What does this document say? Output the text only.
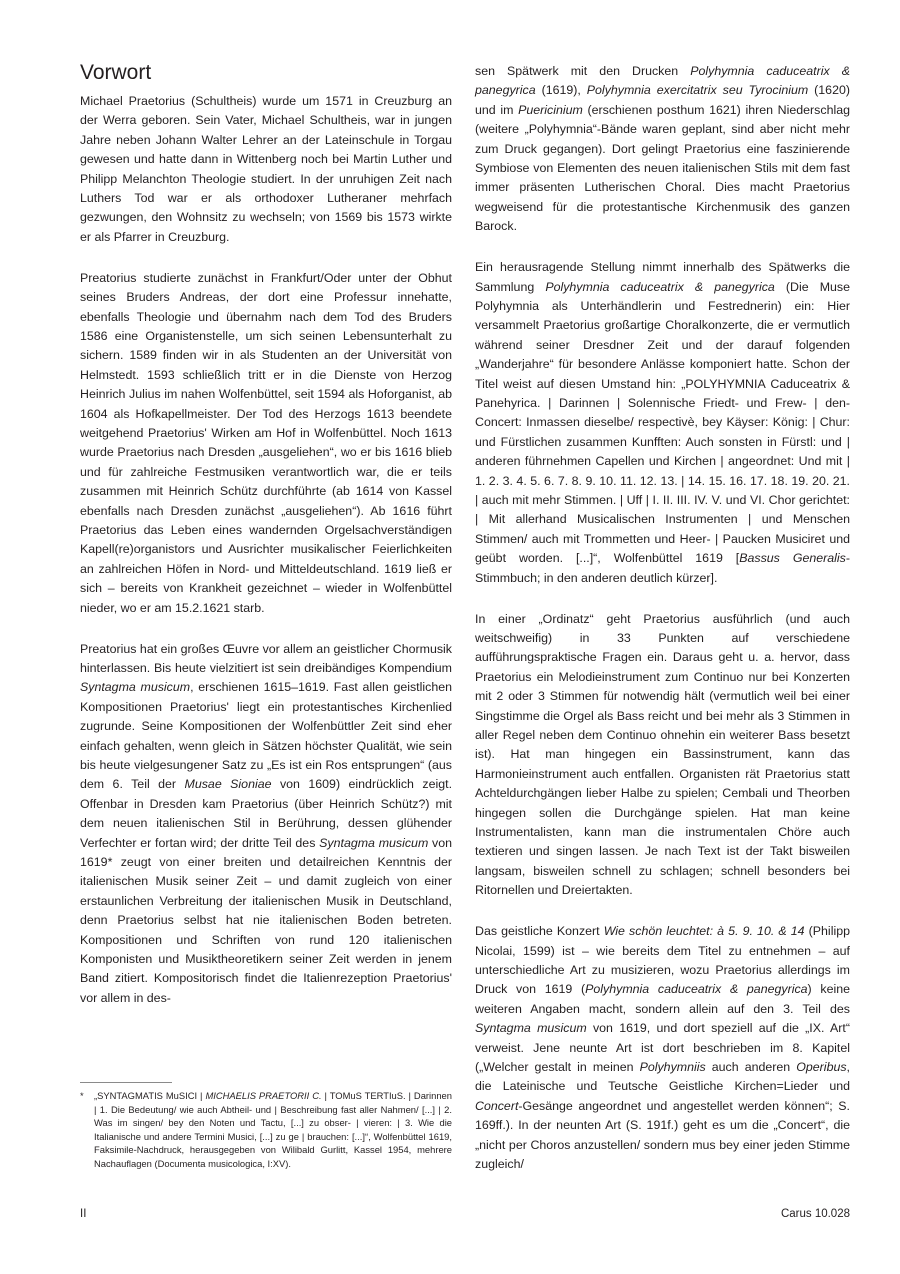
Vorwort

Michael Praetorius (Schultheis) wurde um 1571 in Creuzburg an der Werra geboren. Sein Vater, Michael Schultheis, war in jungen Jahre neben Johann Walter Lehrer an der Lateinschule in Torgau gewesen und hatte dann in Wittenberg noch bei Martin Luther und Philipp Melanchton Theologie studiert. In der unruhigen Zeit nach Luthers Tod war er als orthodoxer Lutheraner mehrfach gezwungen, den Wohnsitz zu wechseln; von 1569 bis 1573 wirkte er als Pfarrer in Creuzburg.

Preatorius studierte zunächst in Frankfurt/Oder unter der Obhut seines Bruders Andreas, der dort eine Professur innehatte, ebenfalls Theologie und übernahm nach dem Tod des Bruders 1586 eine Organistenstelle, um sich seinen Lebensunterhalt zu sichern. 1589 finden wir in als Studenten an der Universität von Helmstedt. 1593 schließlich tritt er in die Dienste von Herzog Heinrich Julius im nahen Wolfenbüttel, seit 1594 als Hoforganist, ab 1604 als Hofkapellmeister. Der Tod des Herzogs 1613 beendete weitgehend Praetorius' Wirken am Hof in Wolfenbüttel. Noch 1613 wurde Praetorius nach Dresden „ausgeliehen“, wo er bis 1616 blieb und für zahlreiche Festmusiken verantwortlich war, die er teils zusammen mit Heinrich Schütz durchführte (ab 1614 von Kassel ebenfalls nach Dresden zunächst „ausgeliehen“). Ab 1616 führt Praetorius das Leben eines wandernden Orgelsachverständigen Kapell(re)organistors und Ausrichter musikalischer Feierlichkeiten an zahlreichen Höfen in Nord- und Mitteldeutschland. 1619 ließ er sich – bereits von Krankheit gezeichnet – wieder in Wolfenbüttel nieder, wo er am 15.2.1621 starb.

Preatorius hat ein großes Œuvre vor allem an geistlicher Chormusik hinterlassen. Bis heute vielzitiert ist sein dreibändiges Kompendium Syntagma musicum, erschienen 1615–1619. Fast allen geistlichen Kompositionen Praetorius' liegt ein protestantisches Kirchenlied zugrunde. Seine Kompositionen der Wolfenbüttler Zeit sind eher einfach gehalten, wenn gleich in Sätzen höchster Qualität, wie sein bis heute vielgesungener Satz zu „Es ist ein Ros entsprungen“ (aus dem 6. Teil der Musae Sioniae von 1609) eindrücklich zeigt. Offenbar in Dresden kam Praetorius (über Heinrich Schütz?) mit dem neuen italienischen Stil in Berührung, dessen glühender Verfechter er fortan wird; der dritte Teil des Syntagma musicum von 1619* zeugt von einer breiten und detailreichen Kenntnis der italienischen Musik seiner Zeit – und damit zugleich von einer erstaunlichen Verbreitung der italienischen Musik in Deutschland, denn Praetorius selbst hat nie italienischen Boden betreten. Kompositionen und Schriften von rund 120 italienischen Komponisten und Musiktheoretikern seiner Zeit werden in jenem Band zitiert. Kompositorisch findet die Italienrezeption Praetorius' vor allem in des-

sen Spätwerk mit den Drucken Polyhymnia caduceatrix & panegyrica (1619), Polyhymnia exercitatrix seu Tyrocinium (1620) und im Puericinium (erschienen posthum 1621) ihren Niederschlag (weitere „Polyhymnia“-Bände waren geplant, sind aber nicht mehr zum Druck gegangen). Dort gelingt Praetorius eine faszinierende Symbiose von Elementen des neuen italienischen Stils mit dem fast immer präsenten Lutherischen Choral. Dies macht Praetorius wegweisend für die protestantische Kirchenmusik des ganzen Barock.

Ein herausragende Stellung nimmt innerhalb des Spätwerks die Sammlung Polyhymnia caduceatrix & panegyrica (Die Muse Polyhymnia als Unterhändlerin und Festrednerin) ein: Hier versammelt Praetorius großartige Choralkonzerte, die er vermutlich während seiner Dresdner Zeit und der darauf folgenden „Wanderjahre“ für besondere Anlässe komponiert hatte. Schon der Titel weist auf diesen Umstand hin: „POLYHYMNIA Caduceatrix & Panehyrica. | Darinnen | Solennische Friedt- und Frew- | den-Concert: Inmassen dieselbe/ respectivè, bey Käyser: König: | Chur: und Fürstlichen zusammen Kunfften: Auch sonsten in Fürstl: und | anderen führnehmen Capellen und Kirchen | angeordnet: Und mit | 1. 2. 3. 4. 5. 6. 7. 8. 9. 10. 11. 12. 13. | 14. 15. 16. 17. 18. 19. 20. 21. | auch mit mehr Stimmen. | Uff | I. II. III. IV. V. und VI. Chor gerichtet: | Mit allerhand Musicalischen Instrumenten | und Menschen Stimmen/ auch mit Trommetten und Heer- | Paucken Musiciret und geübt worden. [...]“, Wolfenbüttel 1619 [Bassus Generalis-Stimmbuch; in den anderen deutlich kürzer].

In einer „Ordinatz“ geht Praetorius ausführlich (und auch weitschweifig) in 33 Punkten auf verschiedene aufführungspraktische Fragen ein. Daraus geht u. a. hervor, dass Praetorius ein Melodieinstrument zum Continuo nur bei Konzerten mit 2 oder 3 Stimmen für notwendig hält (vermutlich weil bei einer Singstimme die Orgel als Bass reicht und bei mehr als 3 Stimmen in aller Regel neben dem Continuo ohnehin ein weiterer Bass besetzt ist). Hat man hingegen ein Bassinstrument, kann das Harmonieinstrument auch entfallen. Organisten rät Praetorius statt Achteldurchgängen lieber Halbe zu spielen; Cembali und Theorben hingegen sollen die Durchgänge spielen. Hat man keine Instrumentalisten, kann man die instrumentalen Chöre auch textieren und singen lassen. Je nach Text ist der Takt bisweilen langsam, bisweilen schnell zu schlagen; schnell besonders bei Ritornellen und Dreiertakten.

Das geistliche Konzert Wie schön leuchtet: à 5. 9. 10. & 14 (Philipp Nicolai, 1599) ist – wie bereits dem Titel zu entnehmen – auf unterschiedliche Art zu musizieren, wozu Praetorius allerdings im Druck von 1619 (Polyhymnia caduceatrix & panegyrica) keine weiteren Angaben macht, sondern allein auf den 3. Teil des Syntagma musicum von 1619, und dort speziell auf die „IX. Art“ verweist. Jene neunte Art ist dort beschrieben im 8. Kapitel („Welcher gestalt in meinen Polyhymniis auch anderen Operibus, die Lateinische und Teutsche Geistliche Kirchen=Lieder und Concert-Gesänge angeordnet und angestellet werden können“; S. 169ff.). In der neunten Art (S. 191f.) geht es um die „Concert“, die „nicht per Choros anzustellen/ sondern mus bey einer jeden Stimme zugleich/

*	„SYNTAGMATIS MuSICI | MICHAELIS PRAETORII C. | TOMuS TERTIuS. | Darinnen | 1. Die Bedeutung/ wie auch Abtheil- und | Beschreibung fast aller Nahmen/ [...] | 2. Was im singen/ bey den Noten und Tactu, [...] zu obser- | vieren: | 3. Wie die Italianische und andere Termini Musici, [...] zu ge | brauchen: [...]“, Wolfenbüttel 1619, Faksimile-Nachdruck, herausgegeben von Wilibald Gurlitt, Kassel 1954, mehrere Nachauflagen (Documenta musicologica, I:XV).
II	Carus 10.028
